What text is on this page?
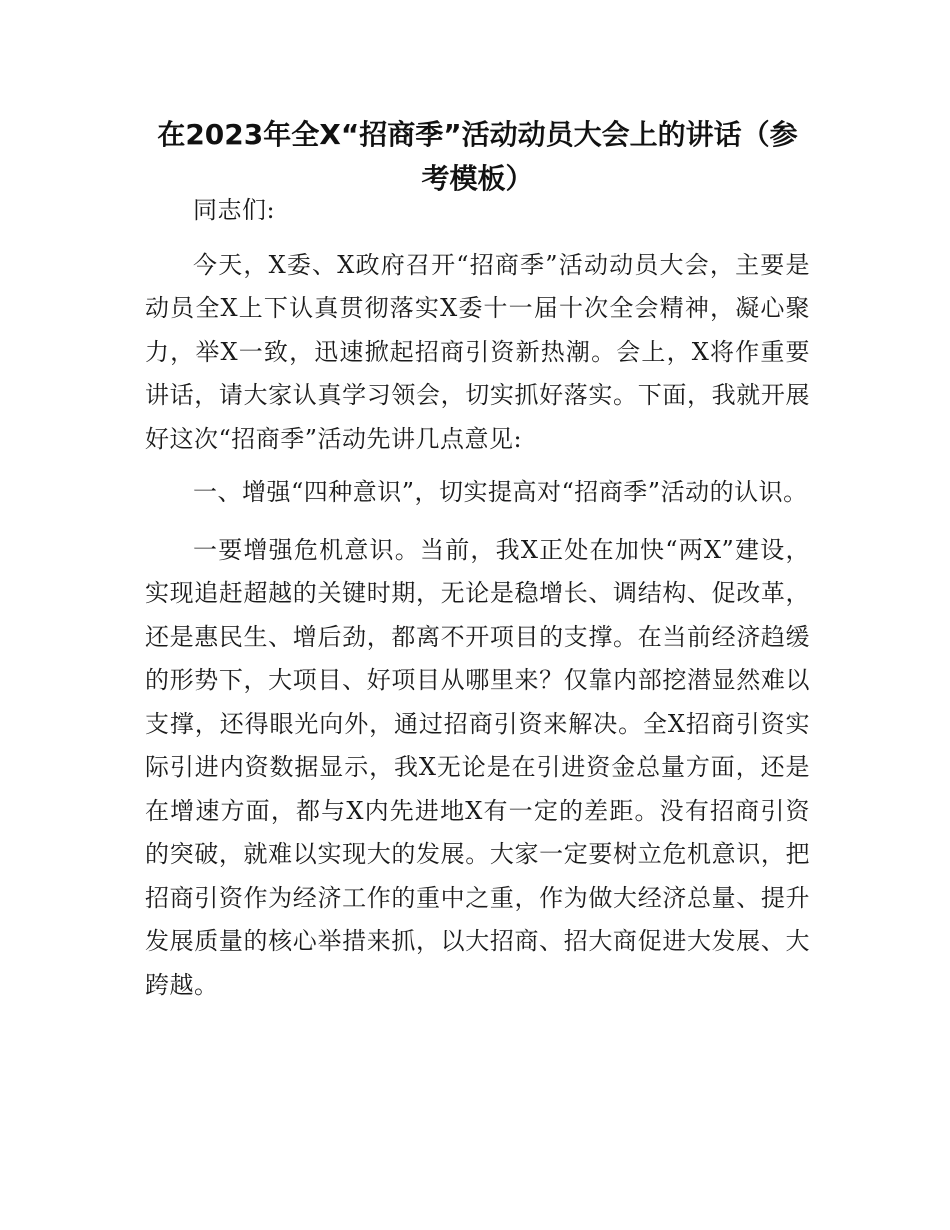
在2023年全X“招商季”活动动员大会上的讲话（参考模板）

同志们:

今天，X委、X政府召开“招商季”活动动员大会，主要是动员全X上下认真贯彻落实X委十一届十次全会精神，凝心聚力，举X一致，迅速掀起招商引资新热潮。会上，X将作重要讲话，请大家认真学习领会，切实抓好落实。下面，我就开展好这次“招商季”活动先讲几点意见:

一、增强“四种意识”，切实提高对“招商季”活动的认识。

一要增强危机意识。当前，我X正处在加快“两X”建设，实现追赶超越的关键时期，无论是稳增长、调结构、促改革，还是惠民生、增后劲，都离不开项目的支撑。在当前经济趋缓的形势下，大项目、好项目从哪里来？仅靠内部挖潜显然难以支撑，还得眼光向外，通过招商引资来解决。全X招商引资实际引进内资数据显示，我X无论是在引进资金总量方面，还是在增速方面，都与X内先进地X有一定的差距。没有招商引资的突破，就难以实现大的发展。大家一定要树立危机意识，把招商引资作为经济工作的重中之重，作为做大经济总量、提升发展质量的核心举措来抓，以大招商、招大商促进大发展、大跨越。
